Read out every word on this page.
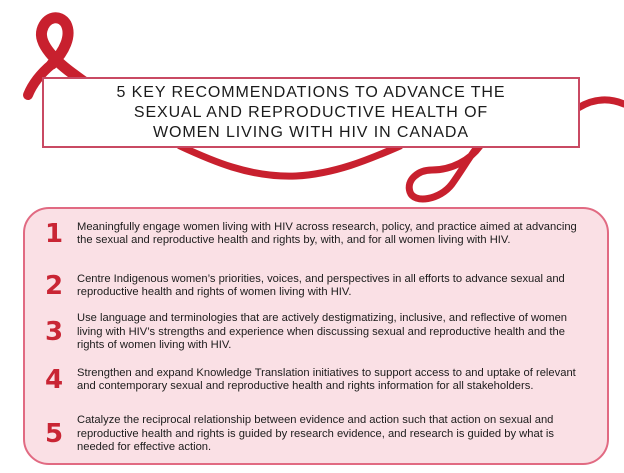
5 KEY RECOMMENDATIONS TO ADVANCE THE
SEXUAL AND REPRODUCTIVE HEALTH OF
WOMEN LIVING WITH HIV IN CANADA
1	Meaningfully engage women living with HIV across research, policy, and practice aimed at advancing the sexual and reproductive health and rights by, with, and for all women living with HIV.
2	Centre Indigenous women’s priorities, voices, and perspectives in all efforts to advance sexual and reproductive health and rights of women living with HIV.
3	Use language and terminologies that are actively destigmatizing, inclusive, and reflective of women living with HIV’s strengths and experience when discussing sexual and reproductive health and the rights of women living with HIV.
4	Strengthen and expand Knowledge Translation initiatives to support access to and uptake of relevant and contemporary sexual and reproductive health and rights information for all stakeholders.
5	Catalyze the reciprocal relationship between evidence and action such that action on sexual and reproductive health and rights is guided by research evidence, and research is guided by what is needed for effective action.
